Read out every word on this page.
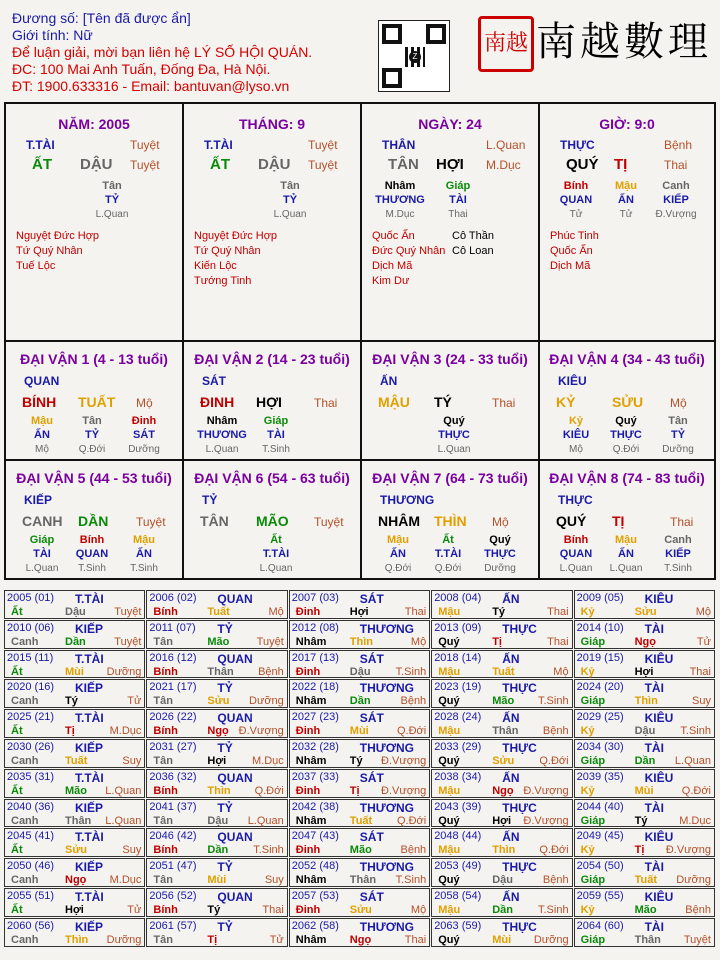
Đương số: [Tên đã được ẩn]
Giới tính: Nữ
Để luận giải, mời bạn liên hệ LÝ SỐ HỘI QUÁN.
ĐC: 100 Mai Anh Tuấn, Đống Đa, Hà Nội.
ĐT: 1900.633316 - Email: bantuvan@lyso.vn
Z
南越 南越數理
NĂM: 2005
T.TÀI	Tuyệt
ẤT DẬU Tuyệt
Tân
TỶ
L.Quan
Nguyệt Đức Hợp
Tứ Quý Nhân
Tuế Lộc
THÁNG: 9
T.TÀI	Tuyệt
ẤT DẬU Tuyệt
Tân
TỶ
L.Quan
Nguyệt Đức Hợp
Tứ Quý Nhân
Kiến Lộc
Tướng Tinh
NGÀY: 24
THÂN	L.Quan
TÂN HỢI M.Dục
Nhâm
THƯƠNG
M.Dục
Giáp
TÀI
Thai
Quốc Ấn
Đức Quý Nhân
Dịch Mã
Kim Dư
Cô Thần
Cô Loan
GIỜ: 9:0
THỰC	Bệnh
QUÝ TỊ	Thai
Bính
QUAN
Tử
Mậu
ẤN
Tử
Canh
KIẾP
Đ.Vượng
Phúc Tinh
Quốc Ấn
Dịch Mã
ĐẠI VẬN 1 (4 - 13 tuổi)
QUAN
BÍNH TUẤT Mộ
Mậu
ẤN
Mộ
Tân
TỶ
Q.Đới
Đinh
SÁT
Dưỡng
ĐẠI VẬN 2 (14 - 23 tuổi)
SÁT
ĐINH HỢI	Thai
Nhâm
THƯƠNG
L.Quan
Giáp
TÀI
T.Sinh
ĐẠI VẬN 3 (24 - 33 tuổi)
ẤN
MẬU TÝ	Thai
Quý
THỰC
L.Quan
ĐẠI VẬN 4 (34 - 43 tuổi)
KIÊU
KỶ	SỬU Mộ
Kỷ
KIÊU
Mộ
Quý
THỰC
Q.Đới
Tân
TỶ
Dưỡng
ĐẠI VẬN 5 (44 - 53 tuổi)
KIẾP
CANH DẦN Tuyệt
Giáp
TÀI
L.Quan
Bính
QUAN
T.Sinh
Mậu
ẤN
T.Sinh
ĐẠI VẬN 6 (54 - 63 tuổi)
TỶ
TÂN MÃO Tuyệt
Ất
T.TÀI
L.Quan
ĐẠI VẬN 7 (64 - 73 tuổi)
THƯƠNG
NHÂM THÌN Mộ
Mậu
ẤN
Q.Đới
Ất
T.TÀI
Q.Đới
Quý
THỰC
Dưỡng
ĐẠI VẬN 8 (74 - 83 tuổi)
THỰC
QUÝ TỊ	Thai
Bính
QUAN
L.Quan
Mậu
ẤN
L.Quan
Canh
KIẾP
T.Sinh
2005 (01) T.TÀI
Ất	Dậu	Tuyệt
2006 (02) QUAN
Bính	Tuất	Mộ
2007 (03) SÁT
Đinh	Hợi	Thai
2008 (04) ẤN
Mậu	Tý	Thai
2009 (05) KIÊU
Kỷ	Sửu	Mộ
2010 (06) KIẾP
Canh Dần	Tuyệt
2011 (07) TỶ
Tân	Mão Tuyệt
2012 (08) THƯƠNG
Nhâm Thìn	Mộ
2013 (09) THỰC
Quý	Tị	Thai
2014 (10) TÀI
Giáp	Ngọ	Tử
2015 (11) T.TÀI
Ất	Mùi Dưỡng
2016 (12) QUAN
Bính	Thân Bệnh
2017 (13) SÁT
Đinh	Dậu T.Sinh
2018 (14) ẤN
Mậu	Tuất	Mộ
2019 (15) KIÊU
Kỷ	Hợi	Thai
2020 (16) KIẾP
Canh Tý	Tử
2021 (17) TỶ
Tân	Sửu Dưỡng
2022 (18) THƯƠNG
Nhâm Dần	Bệnh
2023 (19) THỰC
Quý	Mão T.Sinh
2024 (20) TÀI
Giáp	Thìn	Suy
2025 (21) T.TÀI
Ất	Tị	M.Dục
2026 (22) QUAN
Bính	Ngọ Đ.Vượng
2027 (23) SÁT
Đinh	Mùi	Q.Đới
2028 (24) ẤN
Mậu	Thân Bệnh
2029 (25) KIÊU
Kỷ	Dậu T.Sinh
2030 (26) KIẾP
Canh Tuất	Suy
2031 (27) TỶ
Tân	Hợi M.Dục
2032 (28) THƯƠNG
Nhâm Tý Đ.Vượng
2033 (29) THỰC
Quý	Sửu Q.Đới
2034 (30) TÀI
Giáp	Dần L.Quan
2035 (31) T.TÀI
Ất	Mão L.Quan
2036 (32) QUAN
Bính	Thìn Q.Đới
2037 (33) SÁT
Đinh	Tị Đ.Vượng
2038 (34) ẤN
Mậu	Ngọ Đ.Vượng
2039 (35) KIÊU
Kỷ	Mùi	Q.Đới
2040 (36) KIẾP
Canh Thân L.Quan
2041 (37) TỶ
Tân	Dậu L.Quan
2042 (38) THƯƠNG
Nhâm Tuất Q.Đới
2043 (39) THỰC
Quý	Hợi Đ.Vượng
2044 (40) TÀI
Giáp	Tý	M.Dục
2045 (41) T.TÀI
Ất	Sửu	Suy
2046 (42) QUAN
Bính	Dần T.Sinh
2047 (43) SÁT
Đinh	Mão	Bệnh
2048 (44) ẤN
Mậu	Thìn Q.Đới
2049 (45) KIÊU
Kỷ	Tị Đ.Vượng
2050 (46) KIẾP
Canh Ngọ M.Dục
2051 (47) TỶ
Tân	Mùi	Suy
2052 (48) THƯƠNG
Nhâm Thân T.Sinh
2053 (49) THỰC
Quý	Dậu	Bệnh
2054 (50) TÀI
Giáp	Tuất Dưỡng
2055 (51) T.TÀI
Ất	Hợi	Tử
2056 (52) QUAN
Bính	Tý	Thai
2057 (53) SÁT
Đinh	Sửu	Mộ
2058 (54) ẤN
Mậu	Dần T.Sinh
2059 (55) KIÊU
Kỷ	Mão	Bệnh
2060 (56) KIẾP
Canh Thìn Dưỡng
2061 (57) TỶ
Tân	Tị	Tử
2062 (58) THƯƠNG
Nhâm Ngọ	Thai
2063 (59) THỰC
Quý	Mùi Dưỡng
2064 (60) TÀI
Giáp	Thân Tuyệt
